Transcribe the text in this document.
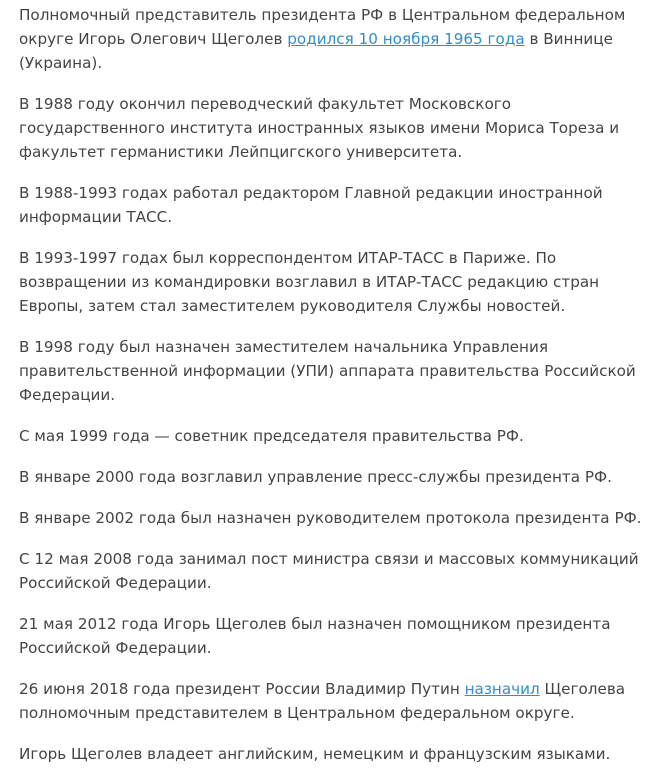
Полномочный представитель президента РФ в Центральном федеральном округе Игорь Олегович Щеголев родился 10 ноября 1965 года в Виннице (Украина).

В 1988 году окончил переводческий факультет Московского государственного института иностранных языков имени Мориса Тореза и факультет германистики Лейпцигского университета.

В 1988-1993 годах работал редактором Главной редакции иностранной информации ТАСС.

В 1993-1997 годах был корреспондентом ИТАР-ТАСС в Париже. По возвращении из командировки возглавил в ИТАР-ТАСС редакцию стран Европы, затем стал заместителем руководителя Службы новостей.

В 1998 году был назначен заместителем начальника Управления правительственной информации (УПИ) аппарата правительства Российской Федерации.

С мая 1999 года — советник председателя правительства РФ.

В январе 2000 года возглавил управление пресс-службы президента РФ.

В январе 2002 года был назначен руководителем протокола президента РФ.

С 12 мая 2008 года занимал пост министра связи и массовых коммуникаций Российской Федерации.

21 мая 2012 года Игорь Щеголев был назначен помощником президента Российской Федерации.

26 июня 2018 года президент России Владимир Путин назначил Щеголева полномочным представителем в Центральном федеральном округе.

Игорь Щеголев владеет английским, немецким и французским языками.
